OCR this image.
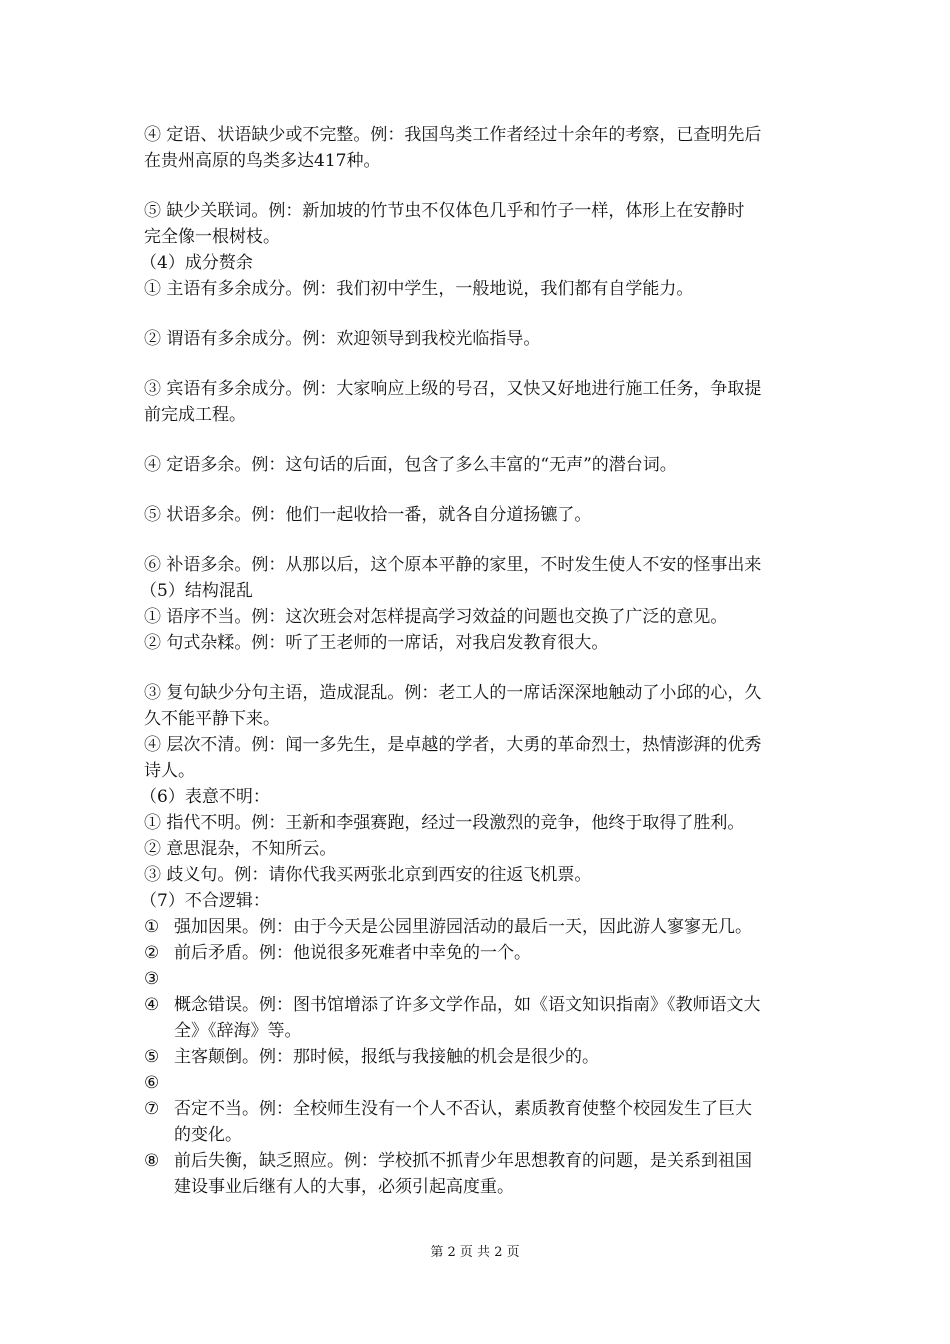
④ 定语、状语缺少或不完整。例：我国鸟类工作者经过十余年的考察，已查明先后
在贵州高原的鸟类多达417种。
⑤ 缺少关联词。例：新加坡的竹节虫不仅体色几乎和竹子一样，体形上在安静时
完全像一根树枝。
（4）成分赘余
① 主语有多余成分。例：我们初中学生，一般地说，我们都有自学能力。
② 谓语有多余成分。例：欢迎领导到我校光临指导。
③ 宾语有多余成分。例：大家响应上级的号召，又快又好地进行施工任务，争取提
前完成工程。
④ 定语多余。例：这句话的后面，包含了多么丰富的“无声”的潜台词。
⑤ 状语多余。例：他们一起收拾一番，就各自分道扬镳了。
⑥ 补语多余。例：从那以后，这个原本平静的家里，不时发生使人不安的怪事出来
（5）结构混乱
① 语序不当。例：这次班会对怎样提高学习效益的问题也交换了广泛的意见。
② 句式杂糅。例：听了王老师的一席话，对我启发教育很大。
③ 复句缺少分句主语，造成混乱。例：老工人的一席话深深地触动了小邱的心，久
久不能平静下来。
④ 层次不清。例：闻一多先生，是卓越的学者，大勇的革命烈士，热情澎湃的优秀
诗人。
（6）表意不明：
① 指代不明。例：王新和李强赛跑，经过一段激烈的竞争，他终于取得了胜利。
② 意思混杂，不知所云。
③ 歧义句。例：请你代我买两张北京到西安的往返飞机票。
（7）不合逻辑：
① 强加因果。例：由于今天是公园里游园活动的最后一天，因此游人寥寥无几。
② 前后矛盾。例：他说很多死难者中幸免的一个。
③
④ 概念错误。例：图书馆增添了许多文学作品，如《语文知识指南》《教师语文大
全》《辞海》等。
⑤ 主客颠倒。例：那时候，报纸与我接触的机会是很少的。
⑥
⑦ 否定不当。例：全校师生没有一个人不否认，素质教育使整个校园发生了巨大
的变化。
⑧ 前后失衡，缺乏照应。例：学校抓不抓青少年思想教育的问题，是关系到祖国
建设事业后继有人的大事，必须引起高度重。
第 2 页 共 2 页
